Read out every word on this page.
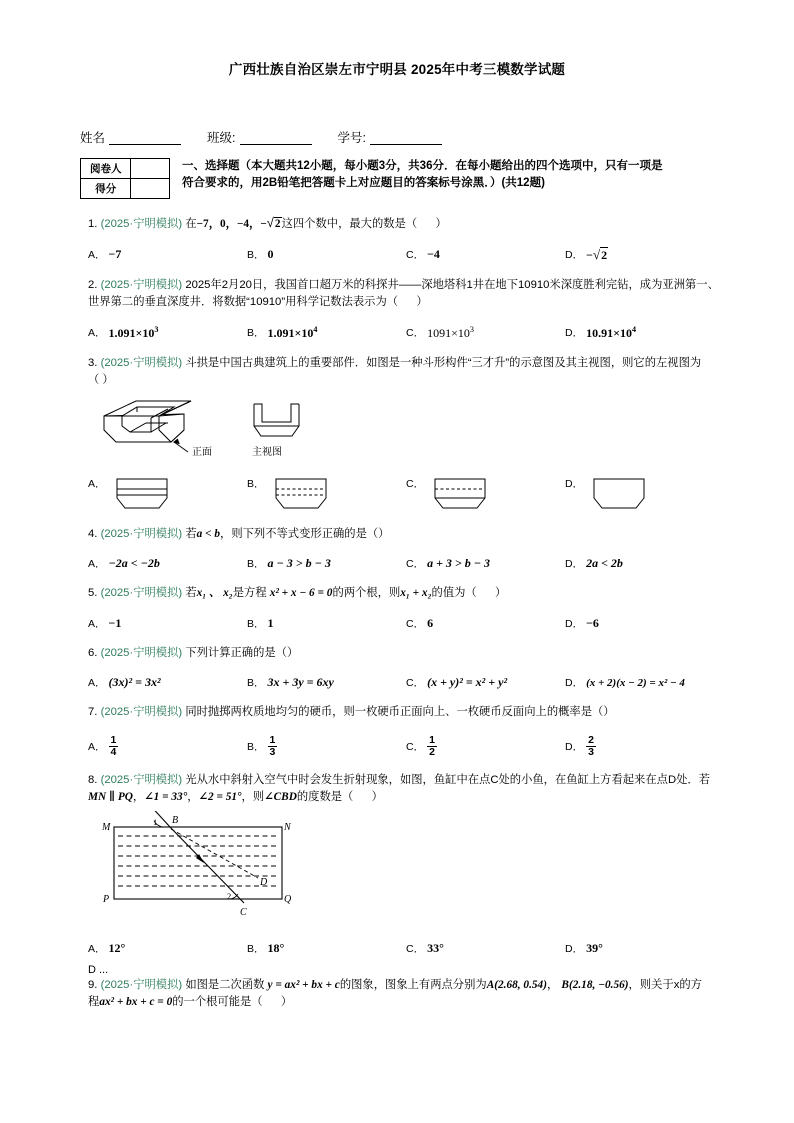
广西壮族自治区崇左市宁明县 2025年中考三模数学试题
姓名	班级:	学号:
阅卷人	
得分	
一、选择题（本大题共12小题，每小题3分，共36分．在每小题给出的四个选项中，只有一项是
符合要求的，用2B铅笔把答题卡上对应题目的答案标号涂黑．）(共12题)
1. (2025·宁明模拟) 在−7，0，−4，−√2这四个数中，最大的数是（ ）
A． −7	B． 0	C． −4	D． −√2
2. (2025·宁明模拟) 2025年2月20日，我国首口超万米的科探井——深地塔科1井在地下10910米深度胜利完钻，成为亚洲第一、 世界第二的垂直深度井．将数据“10910”用科学记数法表示为（ ）
A． $1.091\times 10^3$	B． $1.091\times 10^4$	C． $1091\times 10^3$	D． $10.91\times 10^4$
3. (2025·宁明模拟) 斗拱是中国古典建筑上的重要部件．如图是一种斗形构件“三才升”的示意图及其主视图，则它的左视图为
（ ）
正面	主视图
A．	B．	C．	D．
4. (2025·宁明模拟) 若a < b，则下列不等式变形正确的是（）
A． −2a < −2b	B． a − 3 > b − 3	C． a + 3 > b − 3	D． 2a < 2b
5. (2025·宁明模拟) 若x₁ 、 x₂是方程 x² + x − 6 = 0的两个根，则x₁ + x₂的值为（ ）
A． −1	B． 1	C． 6	D． −6
6. (2025·宁明模拟) 下列计算正确的是（）
A． (3x)² = 3x²	B． 3x + 3y = 6xy	C． (x + y)² = x² + y²	D． (x + 2)(x − 2) = x² − 4
7. (2025·宁明模拟) 同时抛掷两枚质地均匀的硬币，则一枚硬币正面向上、一枚硬币反面向上的概率是（）
A． $\frac{1}{4}$	B． $\frac{1}{3}$	C． $\frac{1}{2}$	D． $\frac{2}{3}$
8. (2025·宁明模拟) 光从水中斜射入空气中时会发生折射现象，如图，鱼缸中在点C处的小鱼，在鱼缸上方看起来在点D处．若
MN ∥ PQ，∠1 = 33°，∠2 = 51°，则∠CBD的度数是（ ）
M	N
P	Q
B
C
D
1
2
A． 12°	B． 18°	C． 33°	D． 39°
D ...
9. (2025·宁明模拟) 如图是二次函数 y = ax² + bx + c的图象，图象上有两点分别为A(2.68, 0.54)， B(2.18, −0.56)，则关于x的方
程ax² + bx + c = 0的一个根可能是（ ）
